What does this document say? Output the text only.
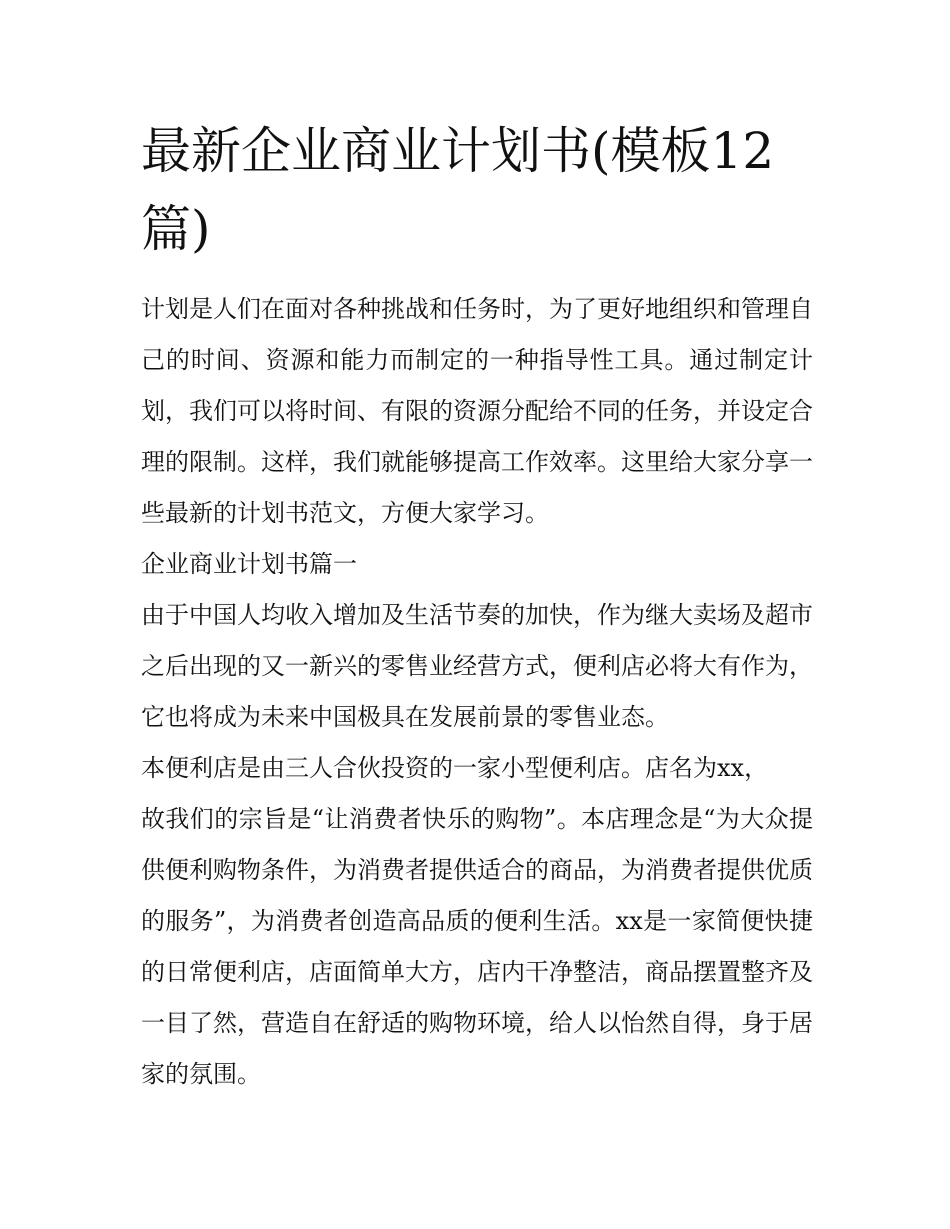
最新企业商业计划书(模板12篇)

计划是人们在面对各种挑战和任务时，为了更好地组织和管理自己的时间、资源和能力而制定的一种指导性工具。通过制定计划，我们可以将时间、有限的资源分配给不同的任务，并设定合理的限制。这样，我们就能够提高工作效率。这里给大家分享一些最新的计划书范文，方便大家学习。

企业商业计划书篇一

由于中国人均收入增加及生活节奏的加快，作为继大卖场及超市之后出现的又一新兴的零售业经营方式，便利店必将大有作为，它也将成为未来中国极具在发展前景的零售业态。

本便利店是由三人合伙投资的一家小型便利店。店名为xx，

故我们的宗旨是“让消费者快乐的购物”。本店理念是“为大众提供便利购物条件，为消费者提供适合的商品，为消费者提供优质的服务”，为消费者创造高品质的便利生活。xx是一家简便快捷的日常便利店，店面简单大方，店内干净整洁，商品摆置整齐及一目了然，营造自在舒适的购物环境，给人以怡然自得，身于居家的氛围。
